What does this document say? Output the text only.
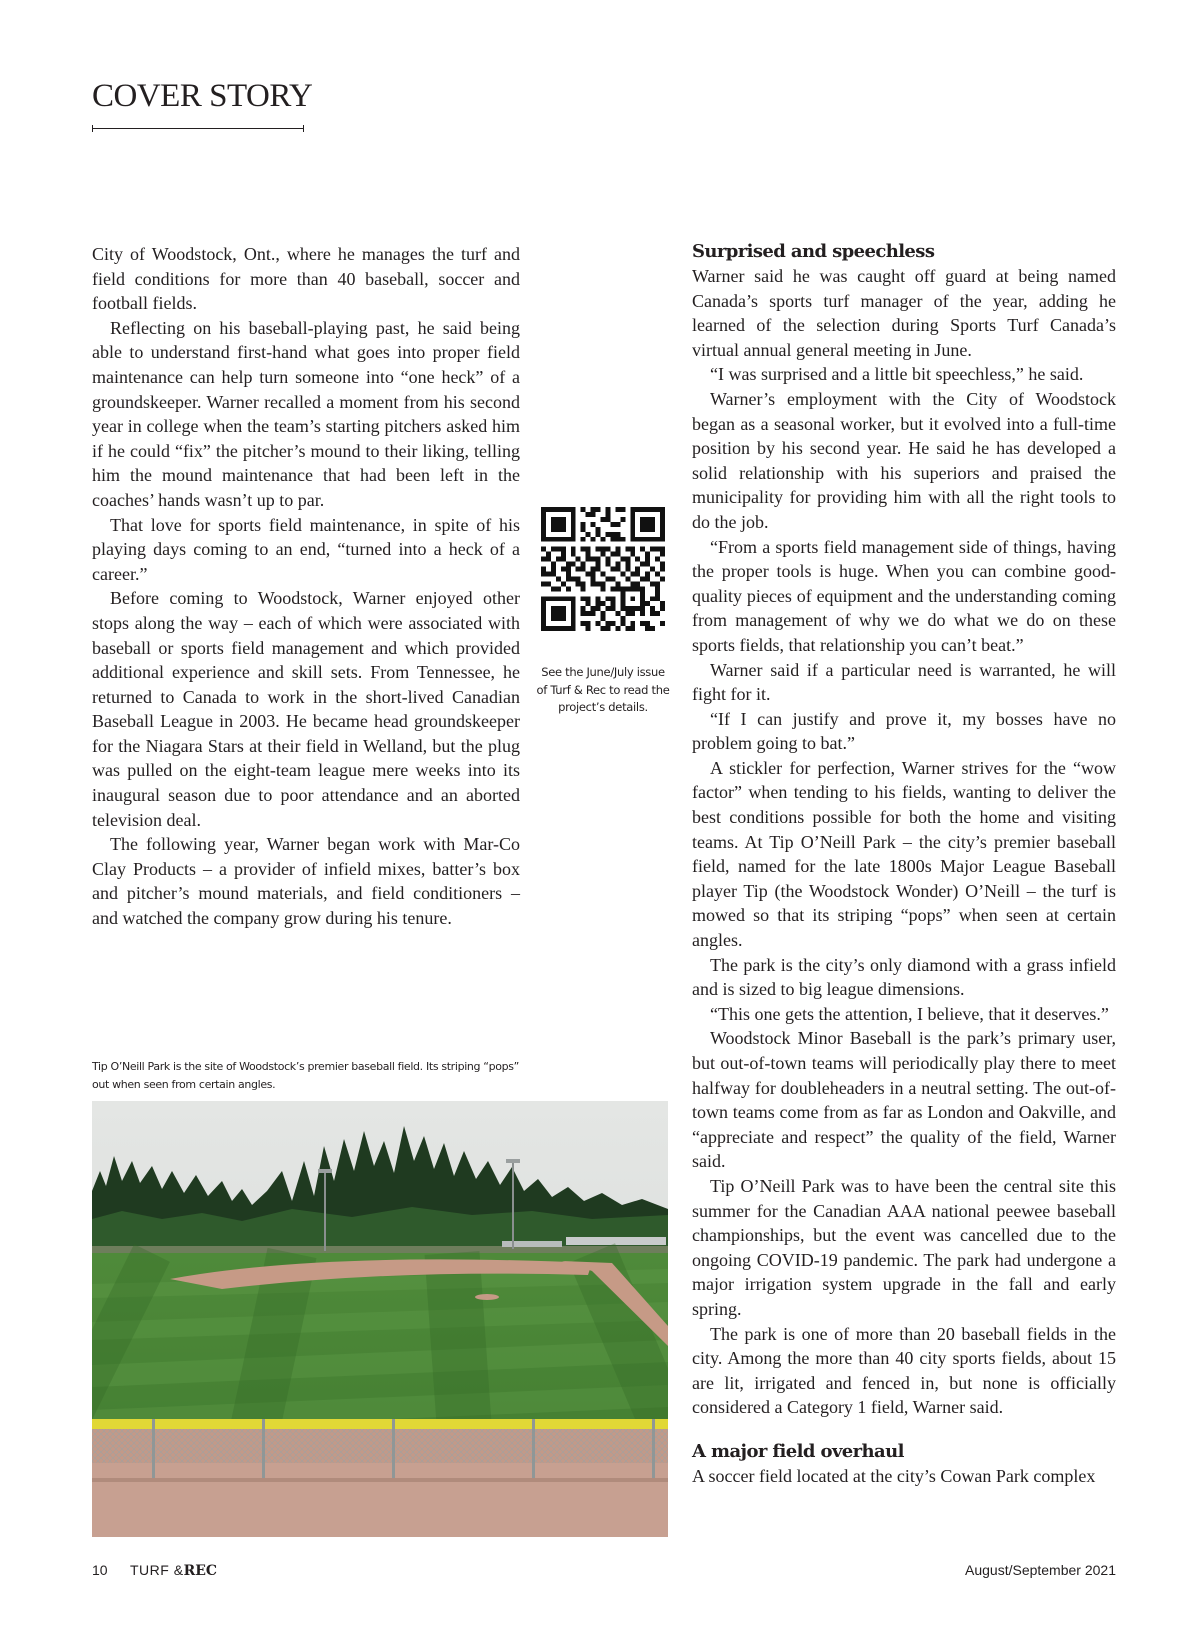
COVER STORY

City of Woodstock, Ont., where he manages the turf and field conditions for more than 40 baseball, soccer and football fields.

Reflecting on his baseball-playing past, he said being able to understand first-hand what goes into proper field maintenance can help turn someone into “one heck” of a groundskeeper. Warner recalled a moment from his second year in college when the team’s starting pitchers asked him if he could “fix” the pitcher’s mound to their liking, telling him the mound maintenance that had been left in the coaches’ hands wasn’t up to par.

That love for sports field maintenance, in spite of his playing days coming to an end, “turned into a heck of a career.”

Before coming to Woodstock, Warner enjoyed other stops along the way – each of which were associated with baseball or sports field management and which provided additional experience and skill sets. From Tennessee, he returned to Canada to work in the short-lived Canadian Baseball League in 2003. He became head groundskeeper for the Niagara Stars at their field in Welland, but the plug was pulled on the eight-team league mere weeks into its inaugural season due to poor attendance and an aborted television deal.

The following year, Warner began work with Mar-Co Clay Products – a provider of infield mixes, batter’s box and pitcher’s mound materials, and field conditioners – and watched the company grow during his tenure.

See the June/July issue of Turf & Rec to read the project’s details.
Tip O’Neill Park is the site of Woodstock’s premier baseball field. Its striping “pops” out when seen from certain angles.
Surprised and speechless

Warner said he was caught off guard at being named Canada’s sports turf manager of the year, adding he learned of the selection during Sports Turf Canada’s virtual annual general meeting in June.

“I was surprised and a little bit speechless,” he said.

Warner’s employment with the City of Woodstock began as a seasonal worker, but it evolved into a full-time position by his second year. He said he has developed a solid relationship with his superiors and praised the municipality for providing him with all the right tools to do the job.

“From a sports field management side of things, having the proper tools is huge. When you can combine good-quality pieces of equipment and the understanding coming from management of why we do what we do on these sports fields, that relationship you can’t beat.”

Warner said if a particular need is warranted, he will fight for it.

“If I can justify and prove it, my bosses have no problem going to bat.”

A stickler for perfection, Warner strives for the “wow factor” when tending to his fields, wanting to deliver the best conditions possible for both the home and visiting teams. At Tip O’Neill Park – the city’s premier baseball field, named for the late 1800s Major League Baseball player Tip (the Woodstock Wonder) O’Neill – the turf is mowed so that its striping “pops” when seen at certain angles.

The park is the city’s only diamond with a grass infield and is sized to big league dimensions.

“This one gets the attention, I believe, that it deserves.”

Woodstock Minor Baseball is the park’s primary user, but out-of-town teams will periodically play there to meet halfway for doubleheaders in a neutral setting. The out-of-town teams come from as far as London and Oakville, and “appreciate and respect” the quality of the field, Warner said.

Tip O’Neill Park was to have been the central site this summer for the Canadian AAA national peewee baseball championships, but the event was cancelled due to the ongoing COVID-19 pandemic. The park had undergone a major irrigation system upgrade in the fall and early spring.

The park is one of more than 20 baseball fields in the city. Among the more than 40 city sports fields, about 15 are lit, irrigated and fenced in, but none is officially considered a Category 1 field, Warner said.

A major field overhaul

A soccer field located at the city’s Cowan Park complex

10 TURF &REC	August/September 2021
